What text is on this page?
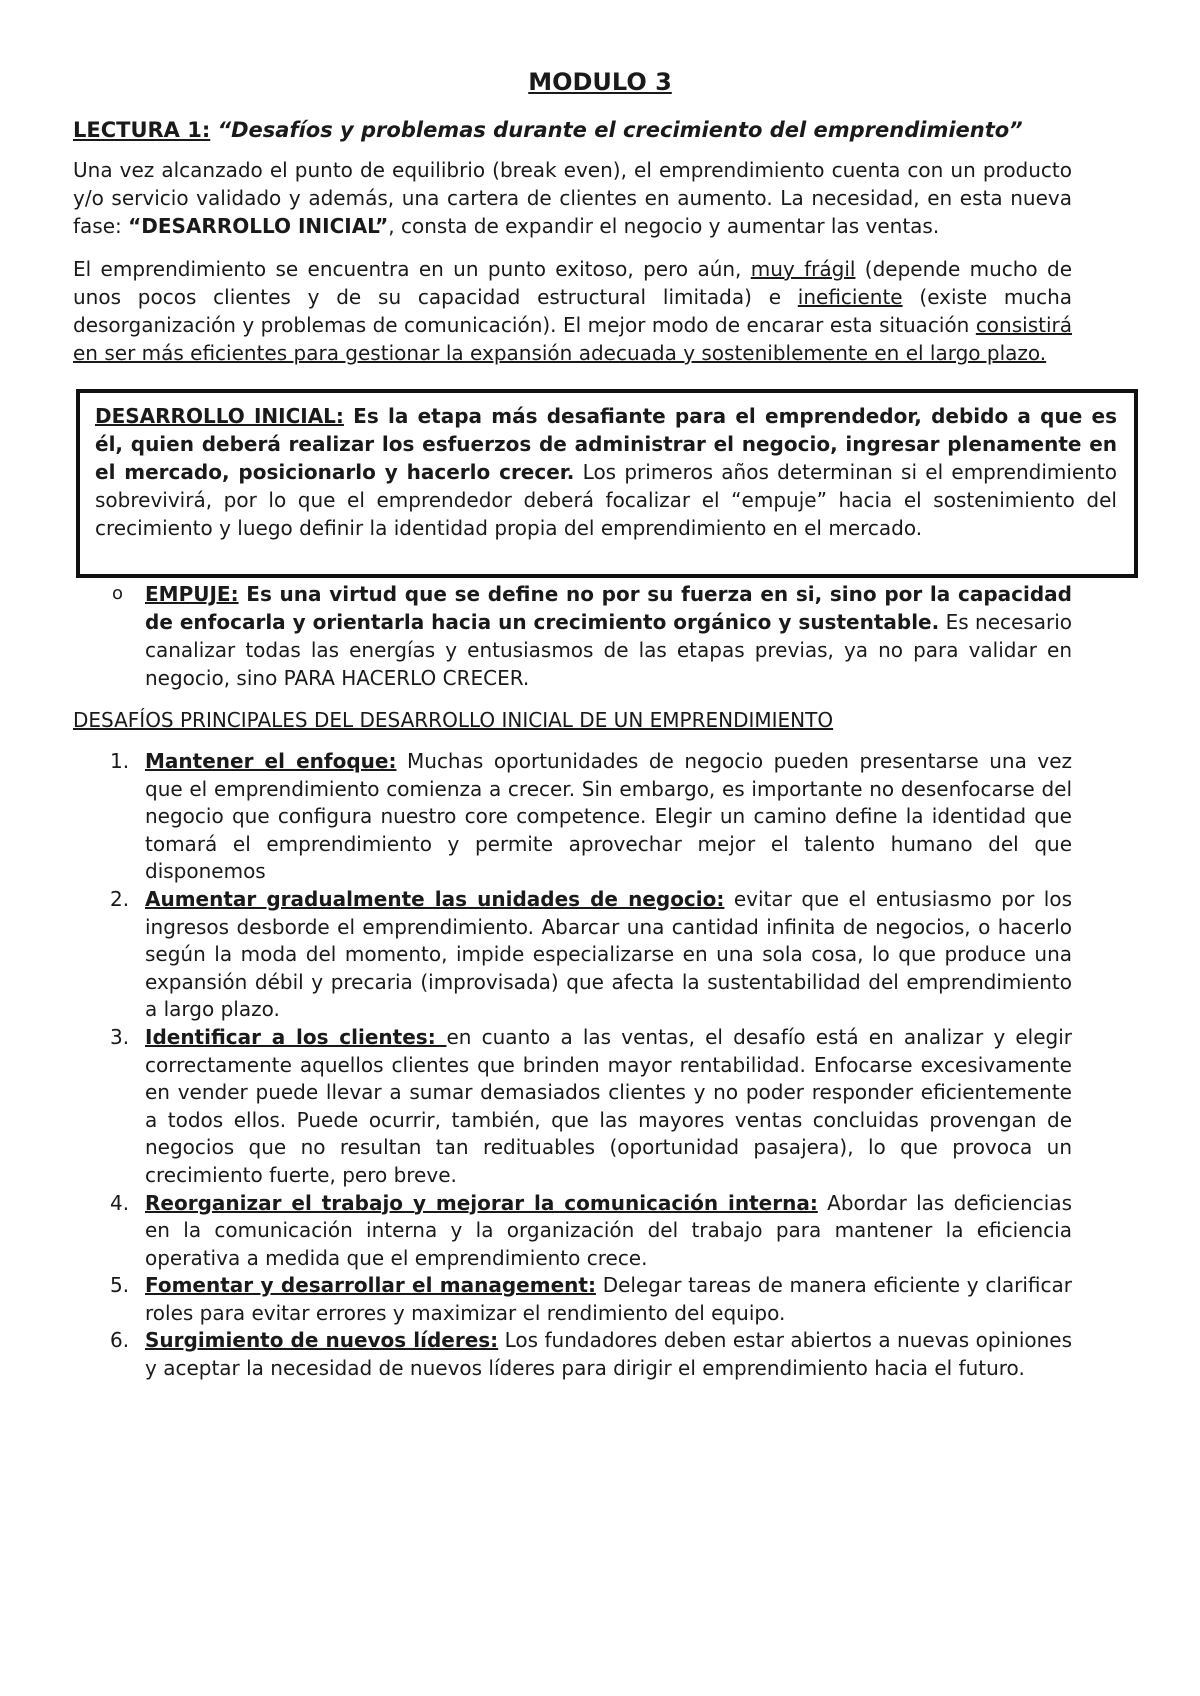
MODULO 3
LECTURA 1: “Desafíos y problemas durante el crecimiento del emprendimiento”

Una vez alcanzado el punto de equilibrio (break even), el emprendimiento cuenta con un producto y/o servicio validado y además, una cartera de clientes en aumento. La necesidad, en esta nueva fase: “DESARROLLO INICIAL”, consta de expandir el negocio y aumentar las ventas.

El emprendimiento se encuentra en un punto exitoso, pero aún, muy frágil (depende mucho de unos pocos clientes y de su capacidad estructural limitada) e ineficiente (existe mucha desorganización y problemas de comunicación). El mejor modo de encarar esta situación consistirá en ser más eficientes para gestionar la expansión adecuada y sosteniblemente en el largo plazo.

DESARROLLO INICIAL: Es la etapa más desafiante para el emprendedor, debido a que es él, quien deberá realizar los esfuerzos de administrar el negocio, ingresar plenamente en el mercado, posicionarlo y hacerlo crecer. Los primeros años determinan si el emprendimiento sobrevivirá, por lo que el emprendedor deberá focalizar el “empuje” hacia el sostenimiento del crecimiento y luego definir la identidad propia del emprendimiento en el mercado.
o EMPUJE: Es una virtud que se define no por su fuerza en si, sino por la capacidad de enfocarla y orientarla hacia un crecimiento orgánico y sustentable. Es necesario canalizar todas las energías y entusiasmos de las etapas previas, ya no para validar en negocio, sino PARA HACERLO CRECER.
DESAFÍOS PRINCIPALES DEL DESARROLLO INICIAL DE UN EMPRENDIMIENTO
1. Mantener el enfoque: Muchas oportunidades de negocio pueden presentarse una vez que el emprendimiento comienza a crecer. Sin embargo, es importante no desenfocarse del negocio que configura nuestro core competence. Elegir un camino define la identidad que tomará el emprendimiento y permite aprovechar mejor el talento humano del que disponemos
2. Aumentar gradualmente las unidades de negocio: evitar que el entusiasmo por los ingresos desborde el emprendimiento. Abarcar una cantidad infinita de negocios, o hacerlo según la moda del momento, impide especializarse en una sola cosa, lo que produce una expansión débil y precaria (improvisada) que afecta la sustentabilidad del emprendimiento a largo plazo.
3. Identificar a los clientes: en cuanto a las ventas, el desafío está en analizar y elegir correctamente aquellos clientes que brinden mayor rentabilidad. Enfocarse excesivamente en vender puede llevar a sumar demasiados clientes y no poder responder eficientemente a todos ellos. Puede ocurrir, también, que las mayores ventas concluidas provengan de negocios que no resultan tan redituables (oportunidad pasajera), lo que provoca un crecimiento fuerte, pero breve.
4. Reorganizar el trabajo y mejorar la comunicación interna: Abordar las deficiencias en la comunicación interna y la organización del trabajo para mantener la eficiencia operativa a medida que el emprendimiento crece.
5. Fomentar y desarrollar el management: Delegar tareas de manera eficiente y clarificar roles para evitar errores y maximizar el rendimiento del equipo.
6. Surgimiento de nuevos líderes: Los fundadores deben estar abiertos a nuevas opiniones y aceptar la necesidad de nuevos líderes para dirigir el emprendimiento hacia el futuro.
